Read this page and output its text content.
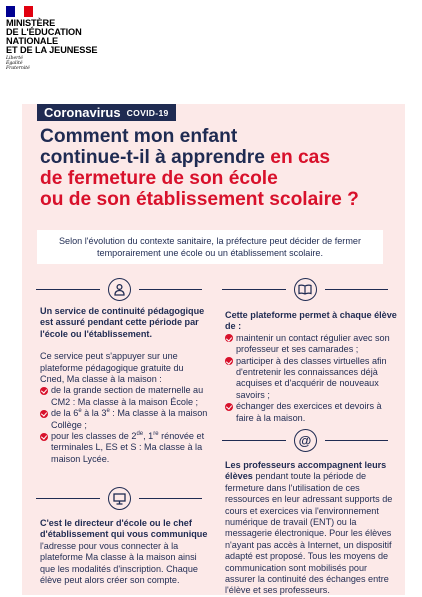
MINISTÈRE
DE L'ÉDUCATION
NATIONALE
ET DE LA JEUNESSE
Liberté
Égalité
Fraternité
Coronavirus COVID-19
Comment mon enfant
continue-t-il à apprendre en cas
de fermeture de son école
ou de son établissement scolaire ?
Selon l'évolution du contexte sanitaire, la préfecture peut décider de fermer temporairement une école ou un établissement scolaire.

Un service de continuité pédagogique est assuré pendant cette période par l'école ou l'établissement.

Ce service peut s'appuyer sur une plateforme pédagogique gratuite du Cned, Ma classe à la maison :

de la grande section de maternelle au CM2 : Ma classe à la maison École ;
de la 6e à la 3e : Ma classe à la maison Collège ;
pour les classes de 2de, 1re rénovée et terminales L, ES et S : Ma classe à la maison Lycée.

Cette plateforme permet à chaque élève de :

maintenir un contact régulier avec son professeur et ses camarades ;
participer à des classes virtuelles afin d'entretenir les connaissances déjà acquises et d'acquérir de nouveaux savoirs ;
échanger des exercices et devoirs à faire à la maison.
@

Les professeurs accompagnent leurs élèves pendant toute la période de fermeture dans l'utilisation de ces ressources en leur adressant supports de cours et exercices via l'environnement numérique de travail (ENT) ou la messagerie électronique. Pour les élèves n'ayant pas accès à Internet, un dispositif adapté est proposé. Tous les moyens de communication sont mobilisés pour assurer la continuité des échanges entre l'élève et ses professeurs.

C'est le directeur d'école ou le chef d'établissement qui vous communique

l'adresse pour vous connecter à la plateforme Ma classe à la maison ainsi que les modalités d'inscription. Chaque élève peut alors créer son compte.
